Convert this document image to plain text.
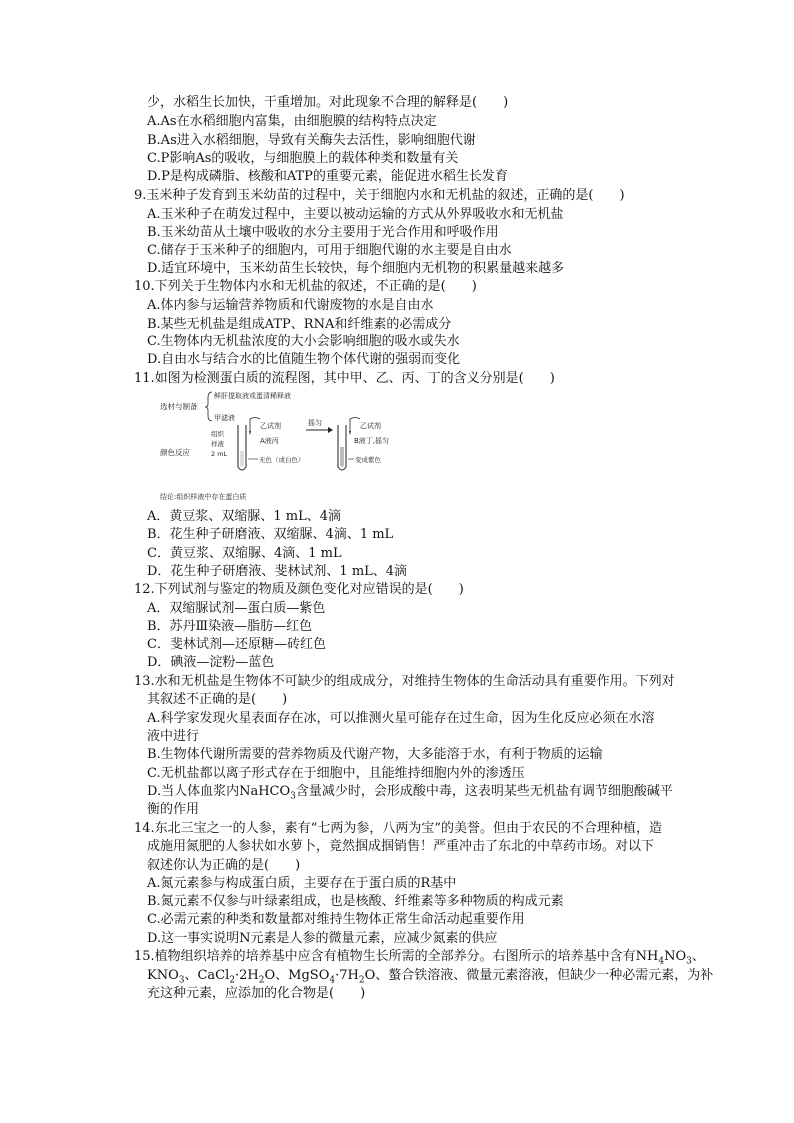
少，水稻生长加快，干重增加。对此现象不合理的解释是(　　)
A.As在水稻细胞内富集，由细胞膜的结构特点决定
B.As进入水稻细胞，导致有关酶失去活性，影响细胞代谢
C.P影响As的吸收，与细胞膜上的载体种类和数量有关
D.P是构成磷脂、核酸和ATP的重要元素，能促进水稻生长发育
9.玉米种子发育到玉米幼苗的过程中，关于细胞内水和无机盐的叙述，正确的是(　　)
A.玉米种子在萌发过程中，主要以被动运输的方式从外界吸收水和无机盐
B.玉米幼苗从土壤中吸收的水分主要用于光合作用和呼吸作用
C.储存于玉米种子的细胞内，可用于细胞代谢的水主要是自由水
D.适宜环境中，玉米幼苗生长较快，每个细胞内无机物的积累量越来越多
10.下列关于生物体内水和无机盐的叙述，不正确的是(　　)
A.体内参与运输营养物质和代谢废物的水是自由水
B.某些无机盐是组成ATP、RNA和纤维素的必需成分
C.生物体内无机盐浓度的大小会影响细胞的吸水或失水
D.自由水与结合水的比值随生物个体代谢的强弱而变化
11.如图为检测蛋白质的流程图，其中甲、乙、丙、丁的含义分别是(　　)
选材与制备
鲜肝提取液或蛋清稀释液
甲滤液
颜色反应
组织
样液
2 mL
乙试剂
A液丙
无色（或白色）
摇匀	乙试剂
B液丁,摇匀
变成紫色
结论:组织样液中存在蛋白质
A．黄豆浆、双缩脲、1 mL、4滴
B．花生种子研磨液、双缩脲、4滴、1 mL
C．黄豆浆、双缩脲、4滴、1 mL
D．花生种子研磨液、斐林试剂、1 mL、4滴
12.下列试剂与鉴定的物质及颜色变化对应错误的是(　　)
A．双缩脲试剂—蛋白质—紫色
B．苏丹Ⅲ染液—脂肪—红色
C．斐林试剂—还原糖—砖红色
D．碘液—淀粉—蓝色
13.水和无机盐是生物体不可缺少的组成成分，对维持生物体的生命活动具有重要作用。下列对
其叙述不正确的是(　　)
A.科学家发现火星表面存在冰，可以推测火星可能存在过生命，因为生化反应必须在水溶
液中进行
B.生物体代谢所需要的营养物质及代谢产物，大多能溶于水，有利于物质的运输
C.无机盐都以离子形式存在于细胞中，且能维持细胞内外的渗透压
D.当人体血浆内NaHCO$_3$含量减少时，会形成酸中毒，这表明某些无机盐有调节细胞酸碱平
衡的作用
14.东北三宝之一的人参，素有“七两为参，八两为宝”的美誉。但由于农民的不合理种植，造
成施用氮肥的人参状如水萝卜，竟然掴成掴销售！严重冲击了东北的中草药市场。对以下
叙述你认为正确的是(　　)
A.氮元素参与构成蛋白质，主要存在于蛋白质的R基中
B.氮元素不仅参与叶绿素组成，也是核酸、纤维素等多种物质的构成元素
C.必需元素的种类和数量都对维持生物体正常生命活动起重要作用
D.这一事实说明N元素是人参的微量元素，应减少氮素的供应
15.植物组织培养的培养基中应含有植物生长所需的全部养分。右图所示的培养基中含有$NH_4NO_3$、
$KNO_3$、$CaCl_2\cdot 2H_2O$、$MgSO_4\cdot 7H_2O$、螯合铁溶液、微量元素溶液，但缺少一种必需元素，为补
充这种元素，应添加的化合物是(　　)
